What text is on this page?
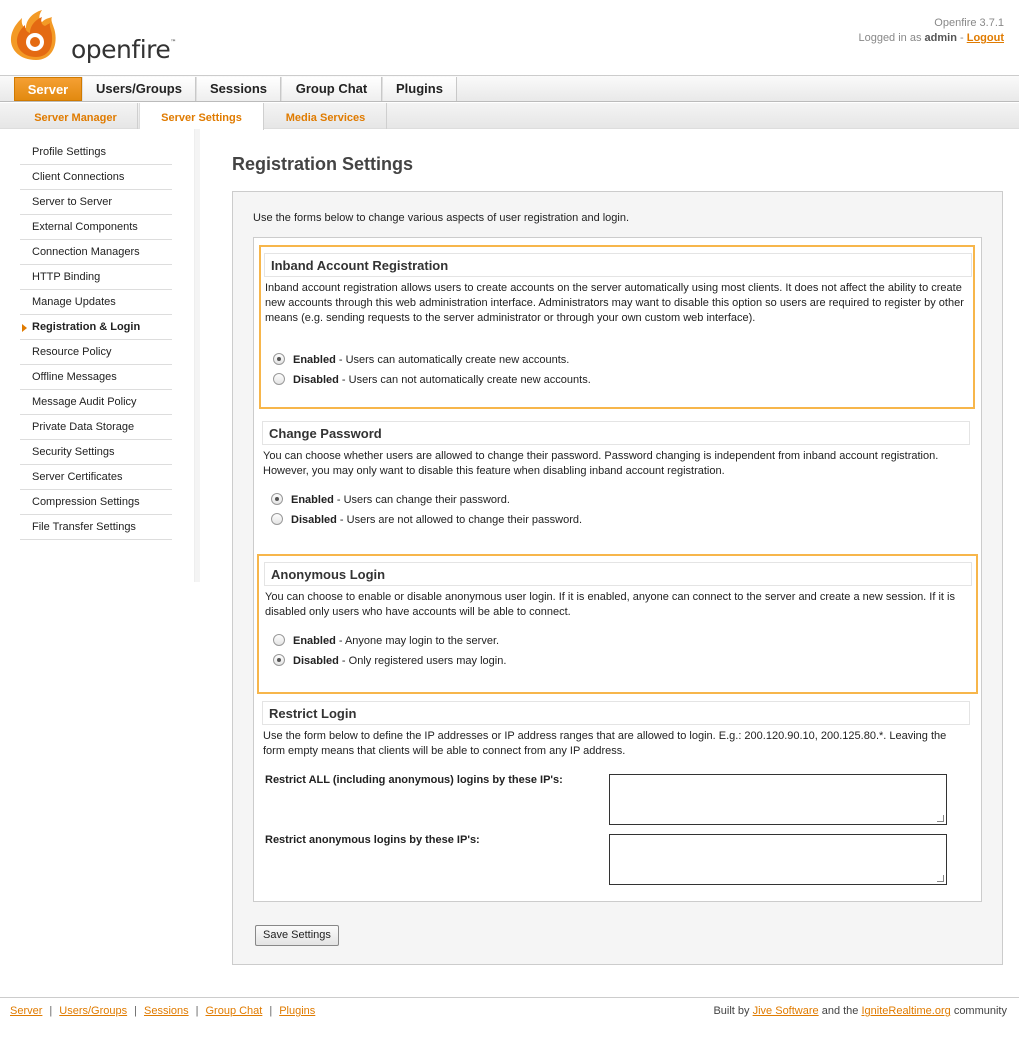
openfire™
Openfire 3.7.1
Logged in as admin - Logout
Server	Users/Groups	Sessions	Group Chat	Plugins
Server Manager	Server Settings	Media Services
Profile Settings
Client Connections
Server to Server
External Components
Connection Managers
HTTP Binding
Manage Updates
Registration & Login
Resource Policy
Offline Messages
Message Audit Policy
Private Data Storage
Security Settings
Server Certificates
Compression Settings
File Transfer Settings
Registration Settings
Use the forms below to change various aspects of user registration and login.
Inband Account Registration
Inband account registration allows users to create accounts on the server automatically using most clients. It does not affect the ability to create new accounts through this web administration interface. Administrators may want to disable this option so users are required to register by other means (e.g. sending requests to the server administrator or through your own custom web interface).
Enabled - Users can automatically create new accounts.
Disabled - Users can not automatically create new accounts.
Change Password
You can choose whether users are allowed to change their password. Password changing is independent from inband account registration. However, you may only want to disable this feature when disabling inband account registration.
Enabled - Users can change their password.
Disabled - Users are not allowed to change their password.
Anonymous Login
You can choose to enable or disable anonymous user login. If it is enabled, anyone can connect to the server and create a new session. If it is disabled only users who have accounts will be able to connect.
Enabled - Anyone may login to the server.
Disabled - Only registered users may login.
Restrict Login
Use the form below to define the IP addresses or IP address ranges that are allowed to login. E.g.: 200.120.90.10, 200.125.80.*. Leaving the form empty means that clients will be able to connect from any IP address.
Restrict ALL (including anonymous) logins by these IP's:
Restrict anonymous logins by these IP's:
Save Settings
Server | Users/Groups | Sessions | Group Chat | Plugins	Built by Jive Software and the IgniteRealtime.org community
